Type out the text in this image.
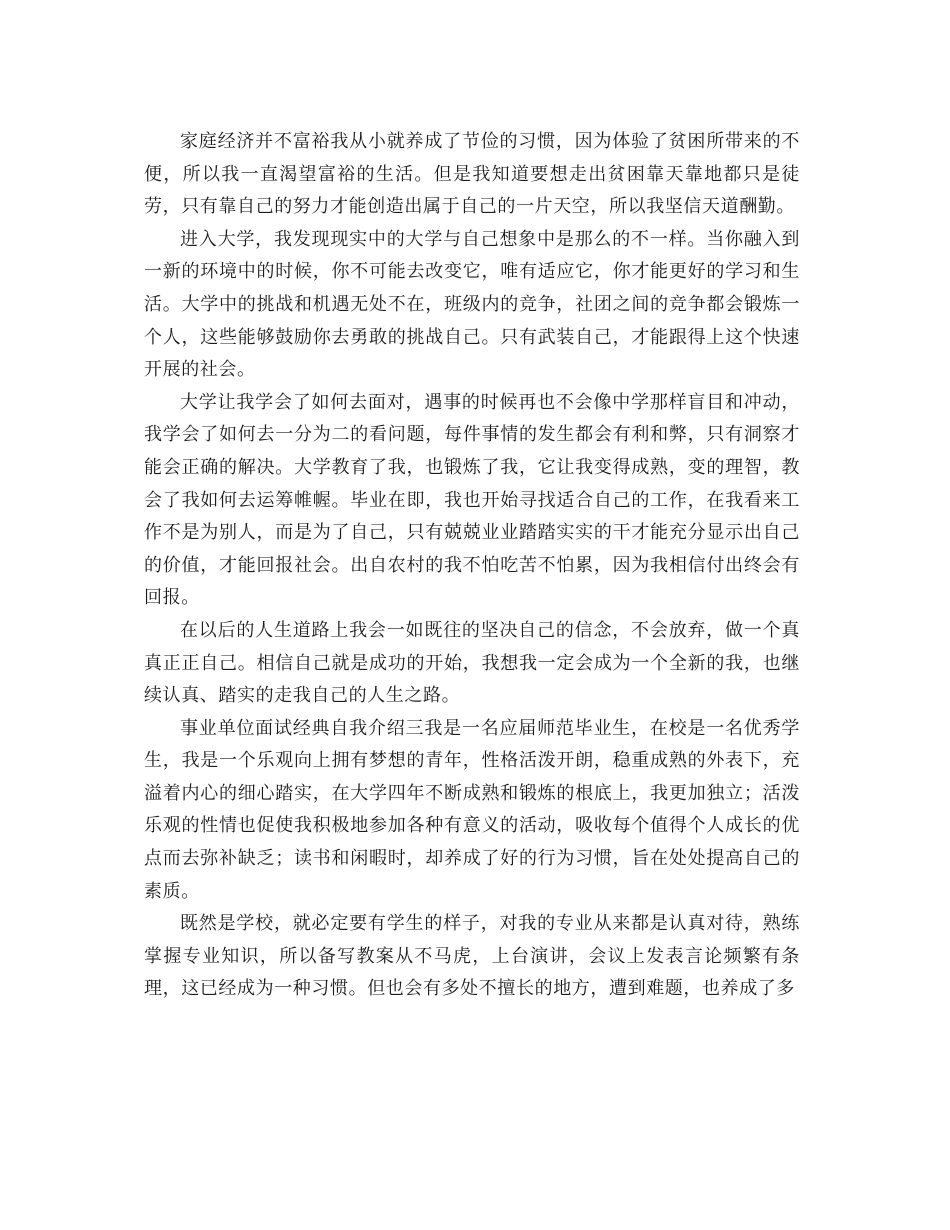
家庭经济并不富裕我从小就养成了节俭的习惯，因为体验了贫困所带来的不便，所以我一直渴望富裕的生活。但是我知道要想走出贫困靠天靠地都只是徒劳，只有靠自己的努力才能创造出属于自己的一片天空，所以我坚信天道酬勤。

进入大学，我发现现实中的大学与自己想象中是那么的不一样。当你融入到一新的环境中的时候，你不可能去改变它，唯有适应它，你才能更好的学习和生活。大学中的挑战和机遇无处不在，班级内的竞争，社团之间的竞争都会锻炼一个人，这些能够鼓励你去勇敢的挑战自己。只有武装自己，才能跟得上这个快速开展的社会。

大学让我学会了如何去面对，遇事的时候再也不会像中学那样盲目和冲动，我学会了如何去一分为二的看问题，每件事情的发生都会有利和弊，只有洞察才能会正确的解决。大学教育了我，也锻炼了我，它让我变得成熟，变的理智，教会了我如何去运筹帷幄。毕业在即，我也开始寻找适合自己的工作，在我看来工作不是为别人，而是为了自己，只有兢兢业业踏踏实实的干才能充分显示出自己的价值，才能回报社会。出自农村的我不怕吃苦不怕累，因为我相信付出终会有回报。

在以后的人生道路上我会一如既往的坚决自己的信念，不会放弃，做一个真真正正自己。相信自己就是成功的开始，我想我一定会成为一个全新的我，也继续认真、踏实的走我自己的人生之路。

事业单位面试经典自我介绍三我是一名应届师范毕业生，在校是一名优秀学生，我是一个乐观向上拥有梦想的青年，性格活泼开朗，稳重成熟的外表下，充溢着内心的细心踏实，在大学四年不断成熟和锻炼的根底上，我更加独立；活泼乐观的性情也促使我积极地参加各种有意义的活动，吸收每个值得个人成长的优点而去弥补缺乏；读书和闲暇时，却养成了好的行为习惯，旨在处处提高自己的素质。

既然是学校，就必定要有学生的样子，对我的专业从来都是认真对待，熟练掌握专业知识，所以备写教案从不马虎，上台演讲，会议上发表言论频繁有条理，这已经成为一种习惯。但也会有多处不擅长的地方，遭到难题，也养成了多
